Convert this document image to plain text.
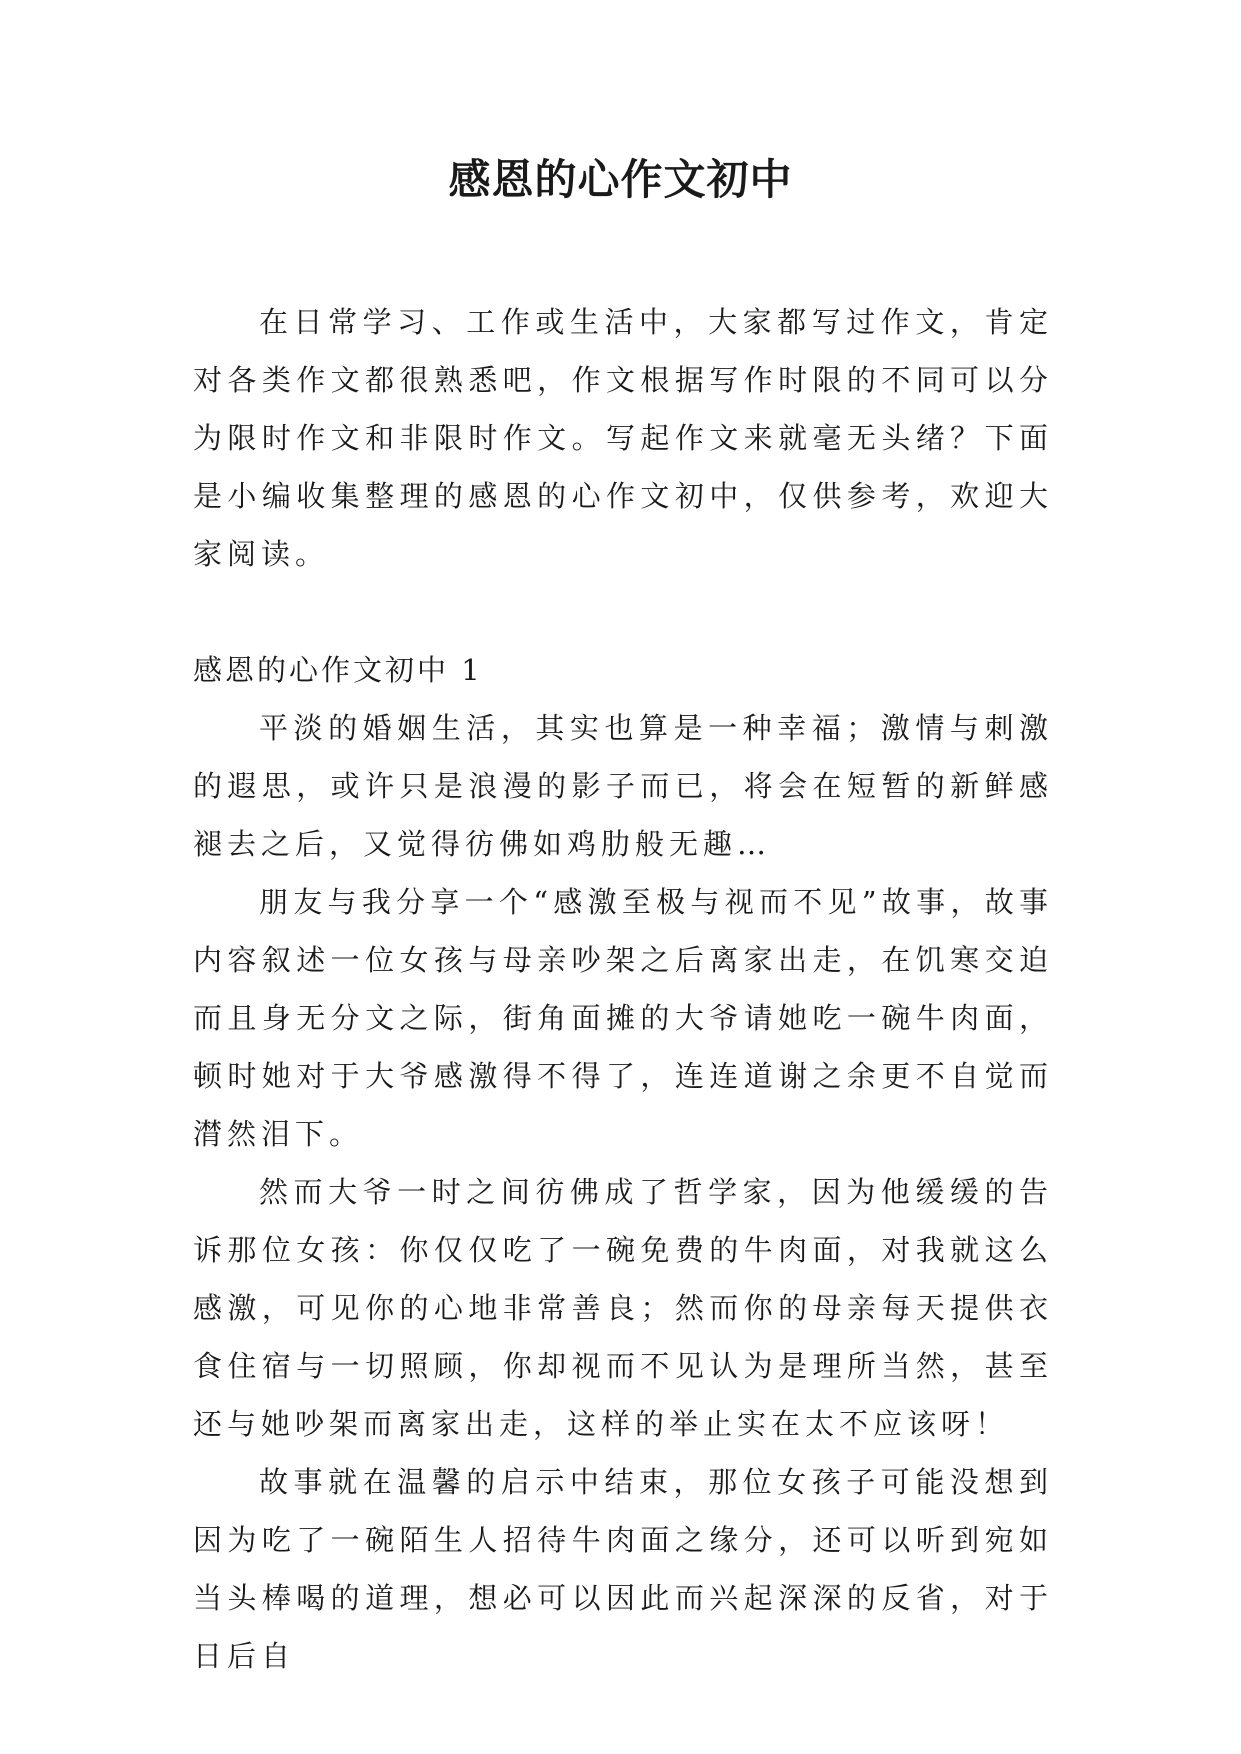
感恩的心作文初中

在日常学习、工作或生活中，大家都写过作文，肯定对各类作文都很熟悉吧，作文根据写作时限的不同可以分为限时作文和非限时作文。写起作文来就毫无头绪？下面是小编收集整理的感恩的心作文初中，仅供参考，欢迎大家阅读。

感恩的心作文初中 1

平淡的婚姻生活，其实也算是一种幸福；激情与刺激的遐思，或许只是浪漫的影子而已，将会在短暂的新鲜感褪去之后，又觉得彷佛如鸡肋般无趣…

朋友与我分享一个“感激至极与视而不见”故事，故事内容叙述一位女孩与母亲吵架之后离家出走，在饥寒交迫而且身无分文之际，街角面摊的大爷请她吃一碗牛肉面，顿时她对于大爷感激得不得了，连连道谢之余更不自觉而潸然泪下。

然而大爷一时之间彷佛成了哲学家，因为他缓缓的告诉那位女孩：你仅仅吃了一碗免费的牛肉面，对我就这么感激，可见你的心地非常善良；然而你的母亲每天提供衣食住宿与一切照顾，你却视而不见认为是理所当然，甚至还与她吵架而离家出走，这样的举止实在太不应该呀！

故事就在温馨的启示中结束，那位女孩子可能没想到因为吃了一碗陌生人招待牛肉面之缘分，还可以听到宛如当头棒喝的道理，想必可以因此而兴起深深的反省，对于日后自
